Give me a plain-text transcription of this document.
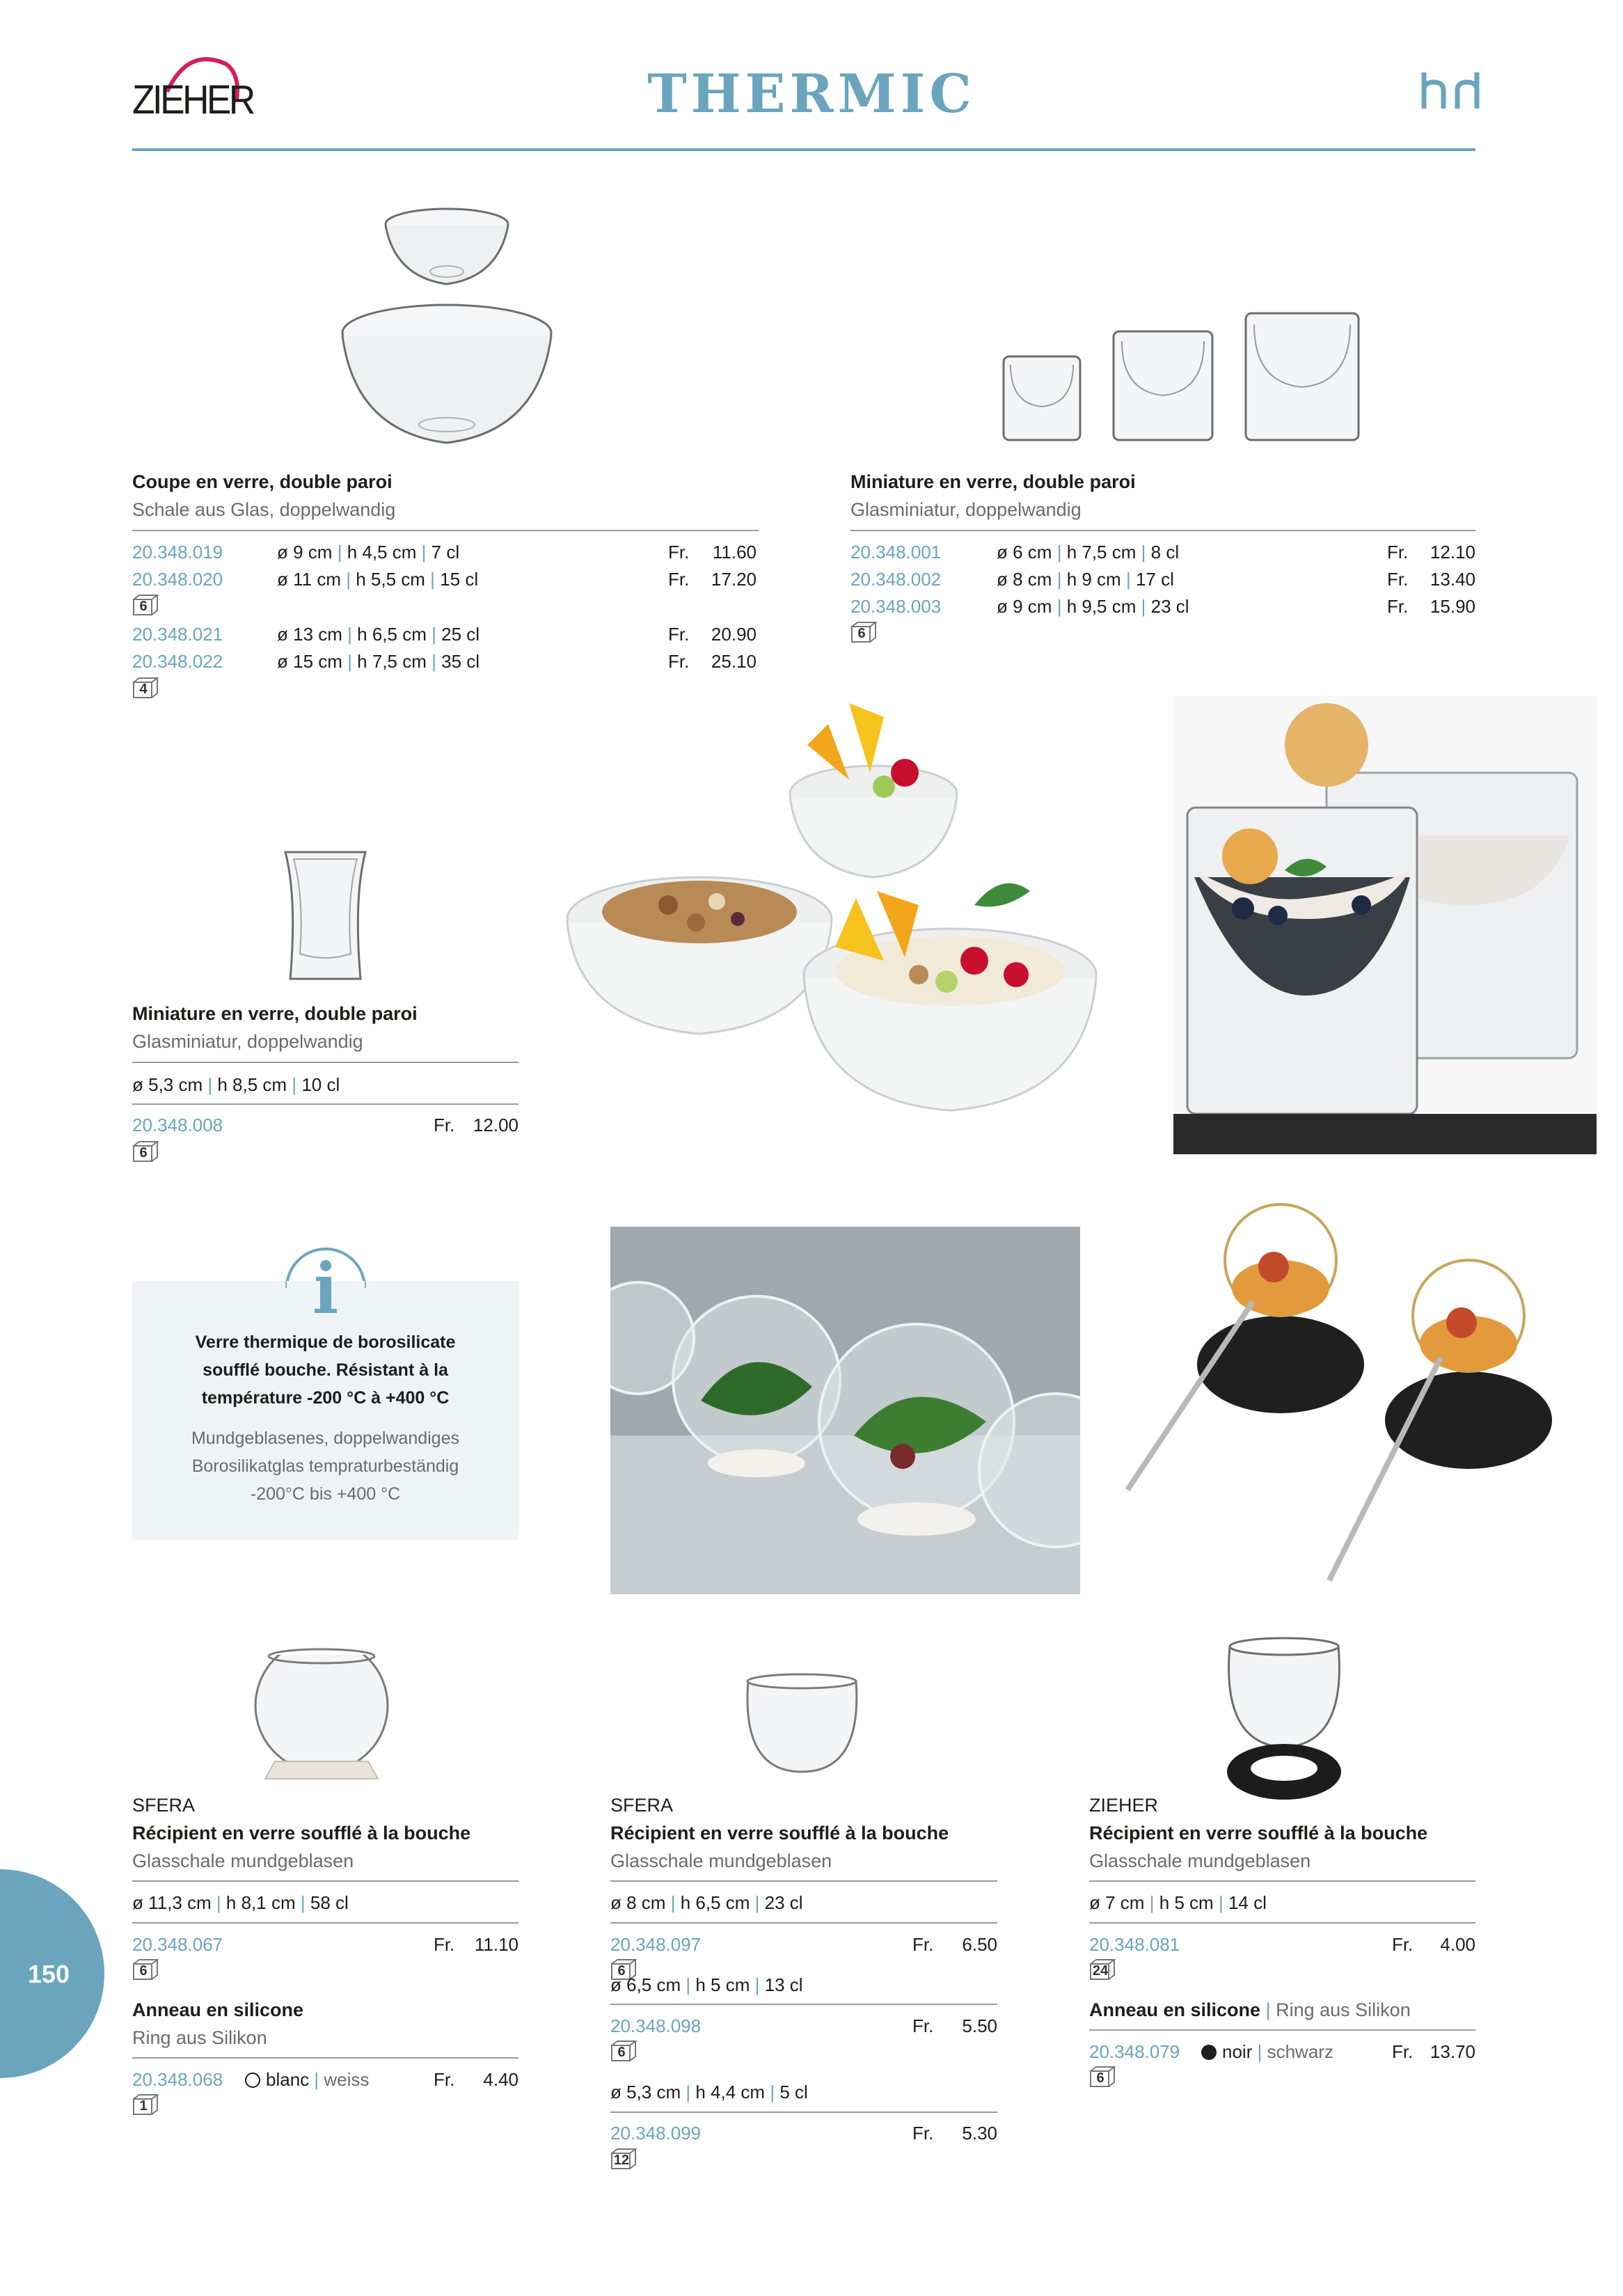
ZIEHER	THERMIC
Coupe en verre, double paroi
Schale aus Glas, doppelwandig
20.348.019	ø 9 cm | h 4,5 cm | 7 cl	Fr. 11.60
20.348.020	ø 11 cm | h 5,5 cm | 15 cl	Fr. 17.20
6
20.348.021	ø 13 cm | h 6,5 cm | 25 cl	Fr. 20.90
20.348.022	ø 15 cm | h 7,5 cm | 35 cl	Fr. 25.10
4
Miniature en verre, double paroi
Glasminiatur, doppelwandig
20.348.001	ø 6 cm | h 7,5 cm | 8 cl	Fr. 12.10
20.348.002	ø 8 cm | h 9 cm | 17 cl	Fr. 13.40
20.348.003	ø 9 cm | h 9,5 cm | 23 cl	Fr. 15.90
6
Miniature en verre, double paroi
Glasminiatur, doppelwandig
ø 5,3 cm | h 8,5 cm | 10 cl
20.348.008	Fr. 12.00
6
Verre thermique de borosilicate
soufflé bouche. Résistant à la
température -200 °C à +400 °C
Mundgeblasenes, doppelwandiges
Borosilikatglas tempraturbeständig
-200°C bis +400 °C
SFERA
Récipient en verre soufflé à la bouche
Glasschale mundgeblasen
ø 11,3 cm | h 8,1 cm | 58 cl
20.348.067	Fr. 11.10
6
Anneau en silicone
Ring aus Silikon
20.348.068	blanc | weiss	Fr. 4.40
1
SFERA
Récipient en verre soufflé à la bouche
Glasschale mundgeblasen
ø 8 cm | h 6,5 cm | 23 cl
20.348.097	Fr. 6.50
6
ø 6,5 cm | h 5 cm | 13 cl
20.348.098	Fr. 5.50
6
ø 5,3 cm | h 4,4 cm | 5 cl
20.348.099	Fr. 5.30
12
ZIEHER
Récipient en verre soufflé à la bouche
Glasschale mundgeblasen
ø 7 cm | h 5 cm | 14 cl
20.348.081	Fr. 4.00
24
Anneau en silicone | Ring aus Silikon
20.348.079	noir | schwarz	Fr. 13.70
6
150
